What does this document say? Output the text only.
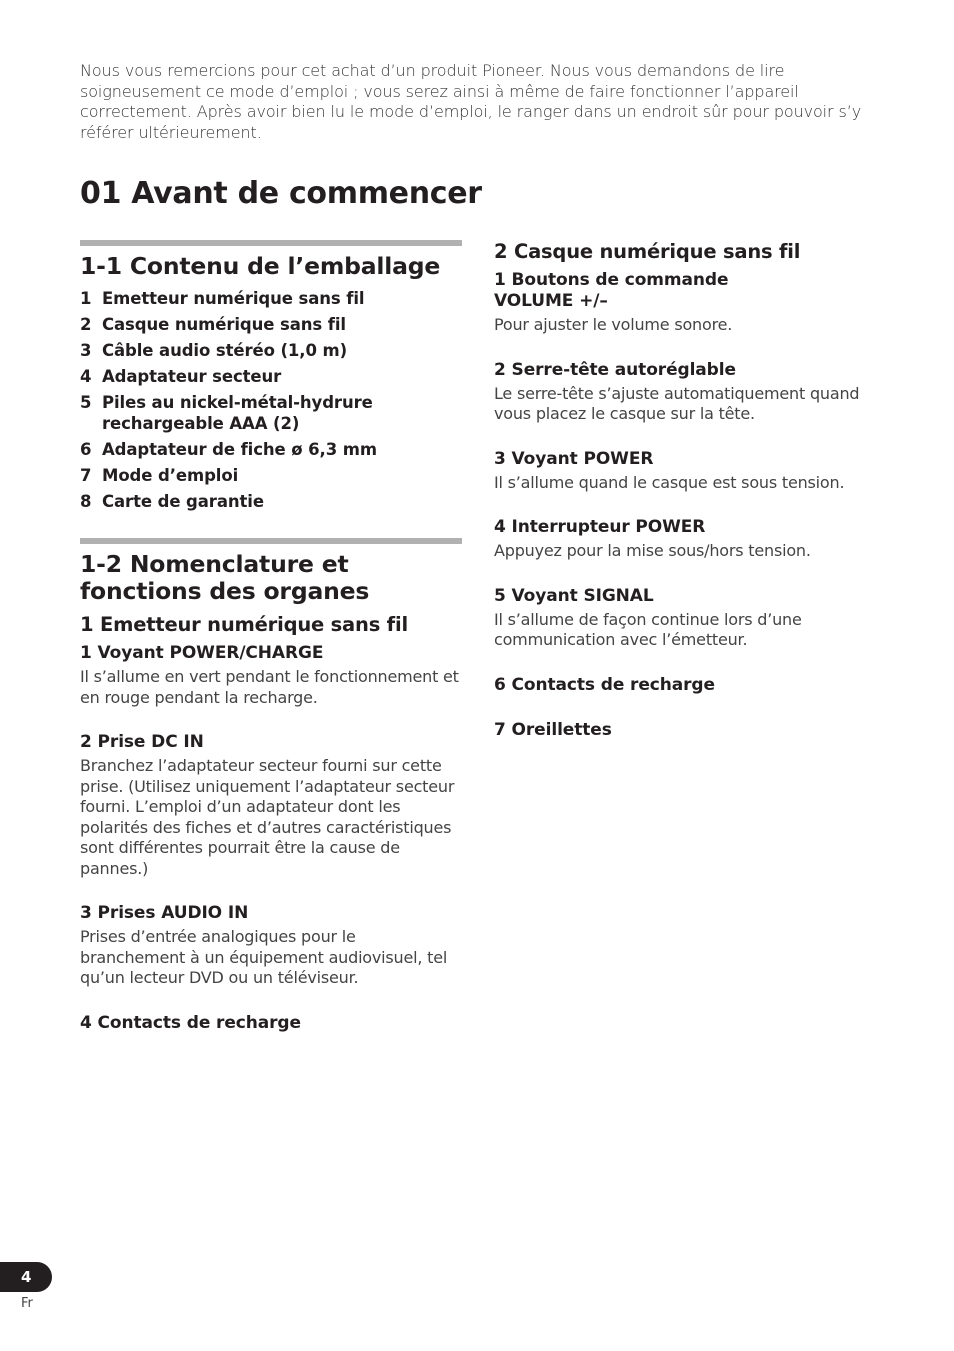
Nous vous remercions pour cet achat d’un produit Pioneer. Nous vous demandons de lire soigneusement ce mode d’emploi ; vous serez ainsi à même de faire fonctionner l’appareil correctement. Après avoir bien lu le mode d’emploi, le ranger dans un endroit sûr pour pouvoir s’y référer ultérieurement.

01 Avant de commencer
1-1 Contenu de l’emballage
1 Emetteur numérique sans fil
2 Casque numérique sans fil
3 Câble audio stéréo (1,0 m)
4 Adaptateur secteur
5 Piles au nickel-métal-hydrure rechargeable AAA (2)
6 Adaptateur de fiche ø 6,3 mm
7 Mode d’emploi
8 Carte de garantie
1-2 Nomenclature et fonctions des organes
1 Emetteur numérique sans fil
1 Voyant POWER/CHARGE

Il s’allume en vert pendant le fonctionnement et en rouge pendant la recharge.

2 Prise DC IN

Branchez l’adaptateur secteur fourni sur cette prise. (Utilisez uniquement l’adaptateur secteur fourni. L’emploi d’un adaptateur dont les polarités des fiches et d’autres caractéristiques sont différentes pourrait être la cause de pannes.)

3 Prises AUDIO IN

Prises d’entrée analogiques pour le branchement à un équipement audiovisuel, tel qu’un lecteur DVD ou un téléviseur.

4 Contacts de recharge
2 Casque numérique sans fil
1 Boutons de commande
VOLUME +/–

Pour ajuster le volume sonore.

2 Serre-tête autoréglable

Le serre-tête s’ajuste automatiquement quand vous placez le casque sur la tête.

3 Voyant POWER

Il s’allume quand le casque est sous tension.

4 Interrupteur POWER

Appuyez pour la mise sous/hors tension.

5 Voyant SIGNAL

Il s’allume de façon continue lors d’une communication avec l’émetteur.

6 Contacts de recharge
7 Oreillettes
4
Fr
